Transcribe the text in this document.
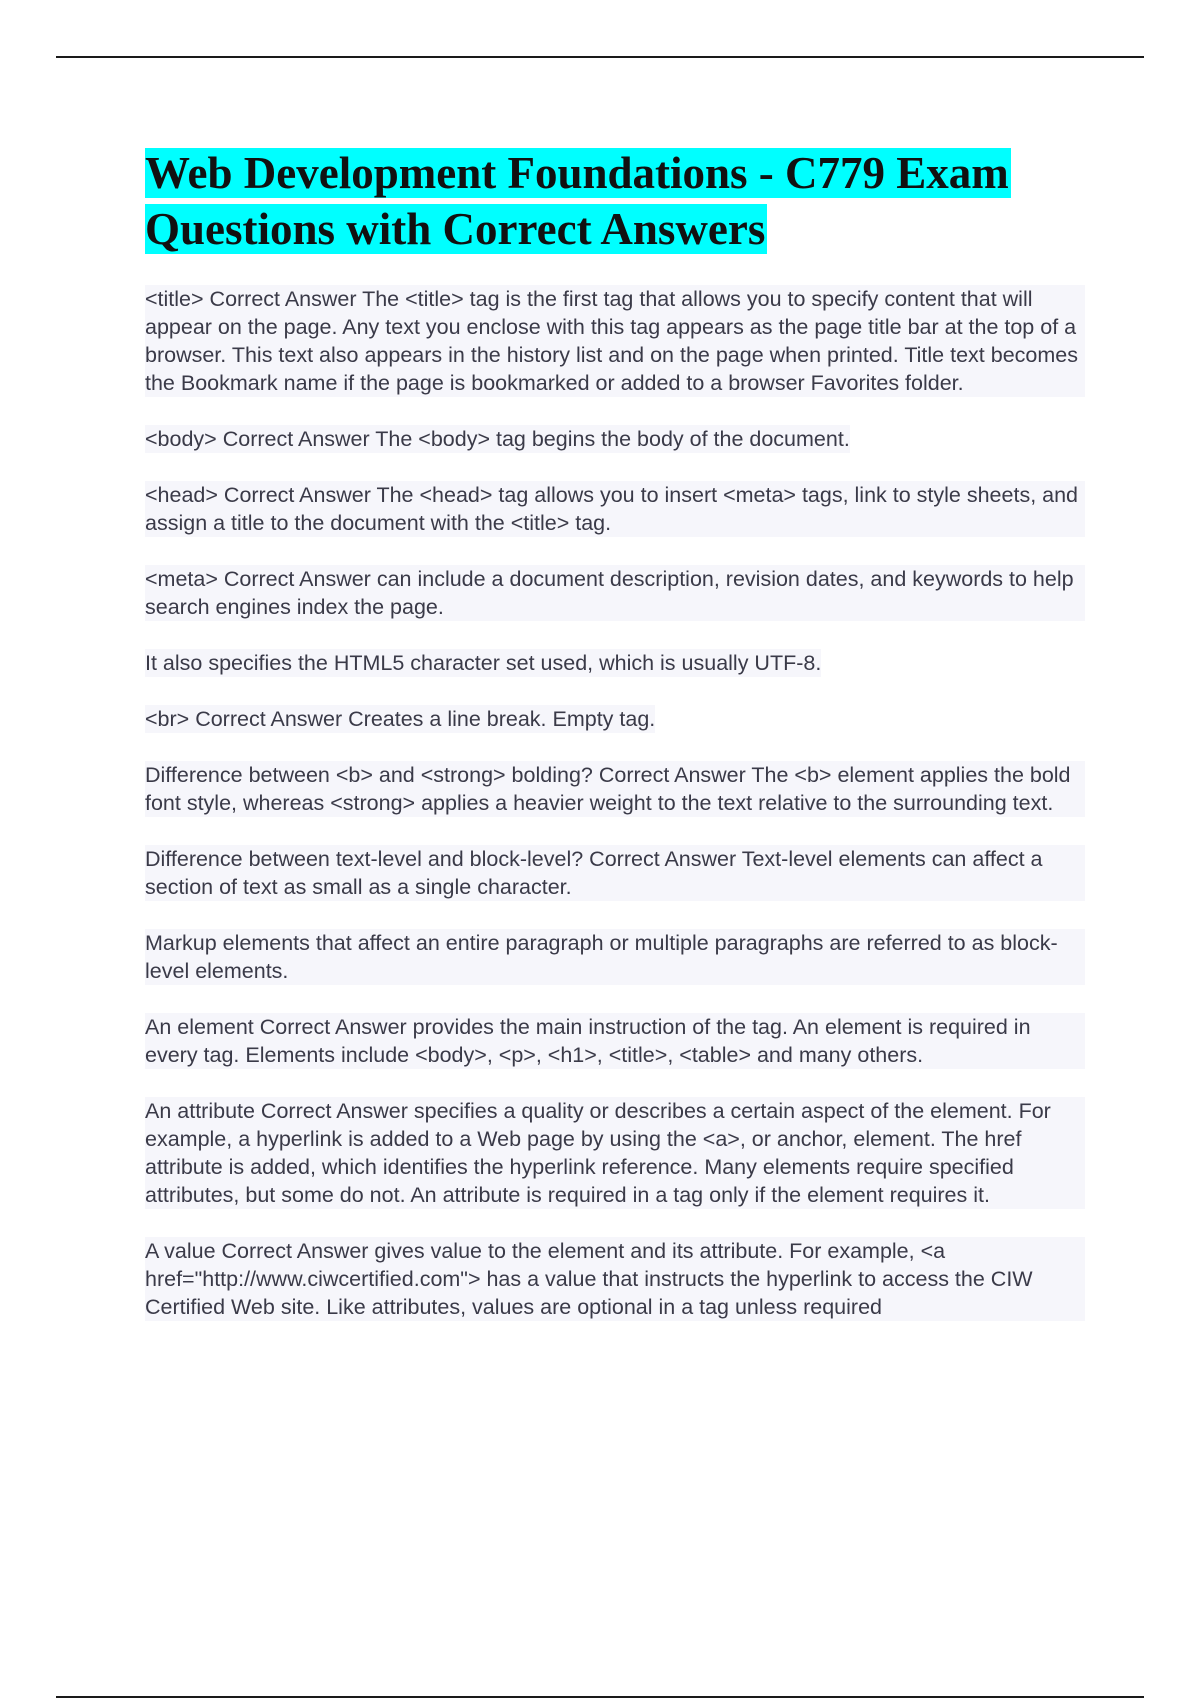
Web Development Foundations - C779 Exam Questions with Correct Answers

<title> Correct Answer The <title> tag is the first tag that allows you to specify content that will appear on the page. Any text you enclose with this tag appears as the page title bar at the top of a browser. This text also appears in the history list and on the page when printed. Title text becomes the Bookmark name if the page is bookmarked or added to a browser Favorites folder.

<body> Correct Answer The <body> tag begins the body of the document.

<head> Correct Answer The <head> tag allows you to insert <meta> tags, link to style sheets, and assign a title to the document with the <title> tag.

<meta> Correct Answer can include a document description, revision dates, and keywords to help search engines index the page.

It also specifies the HTML5 character set used, which is usually UTF-8.

<br> Correct Answer Creates a line break. Empty tag.

Difference between <b> and <strong> bolding? Correct Answer The <b> element applies the bold font style, whereas <strong> applies a heavier weight to the text relative to the surrounding text.

Difference between text-level and block-level? Correct Answer Text-level elements can affect a section of text as small as a single character.

Markup elements that affect an entire paragraph or multiple paragraphs are referred to as block-level elements.

An element Correct Answer provides the main instruction of the tag. An element is required in every tag. Elements include <body>, <p>, <h1>, <title>, <table> and many others.

An attribute Correct Answer specifies a quality or describes a certain aspect of the element. For example, a hyperlink is added to a Web page by using the <a>, or anchor, element. The href attribute is added, which identifies the hyperlink reference. Many elements require specified attributes, but some do not. An attribute is required in a tag only if the element requires it.

A value Correct Answer gives value to the element and its attribute. For example, <a href="http://www.ciwcertified.com"> has a value that instructs the hyperlink to access the CIW Certified Web site. Like attributes, values are optional in a tag unless required
